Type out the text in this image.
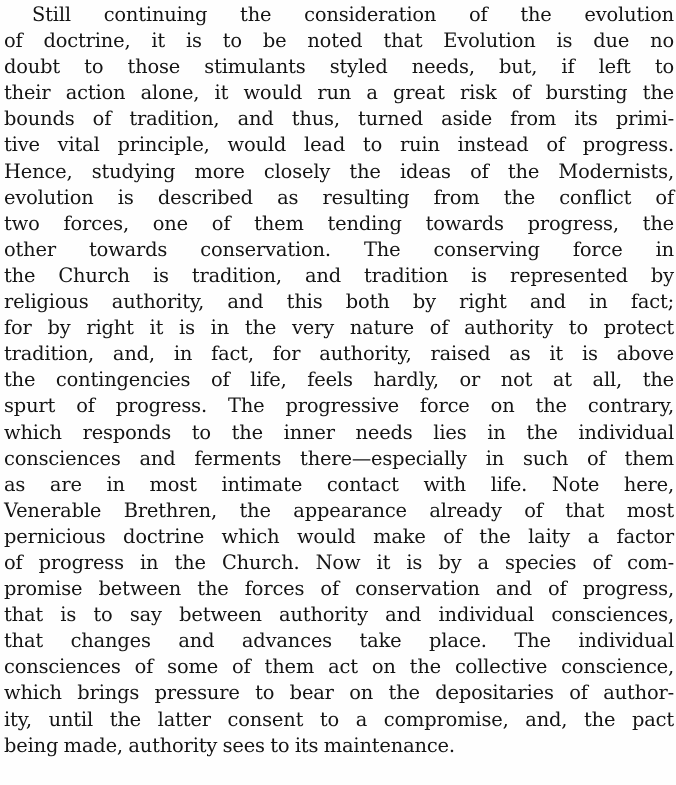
Still continuing the consideration of the evolution
of doctrine, it is to be noted that Evolution is due no
doubt to those stimulants styled needs, but, if left to
their action alone, it would run a great risk of bursting the
bounds of tradition, and thus, turned aside from its primi-
tive vital principle, would lead to ruin instead of progress.
Hence, studying more closely the ideas of the Modernists,
evolution is described as resulting from the conflict of
two forces, one of them tending towards progress, the
other towards conservation. The conserving force in
the Church is tradition, and tradition is represented by
religious authority, and this both by right and in fact;
for by right it is in the very nature of authority to protect
tradition, and, in fact, for authority, raised as it is above
the contingencies of life, feels hardly, or not at all, the
spurt of progress. The progressive force on the contrary,
which responds to the inner needs lies in the individual
consciences and ferments there—especially in such of them
as are in most intimate contact with life. Note here,
Venerable Brethren, the appearance already of that most
pernicious doctrine which would make of the laity a factor
of progress in the Church. Now it is by a species of com-
promise between the forces of conservation and of progress,
that is to say between authority and individual consciences,
that changes and advances take place. The individual
consciences of some of them act on the collective conscience,
which brings pressure to bear on the depositaries of author-
ity, until the latter consent to a compromise, and, the pact
being made, authority sees to its maintenance.
